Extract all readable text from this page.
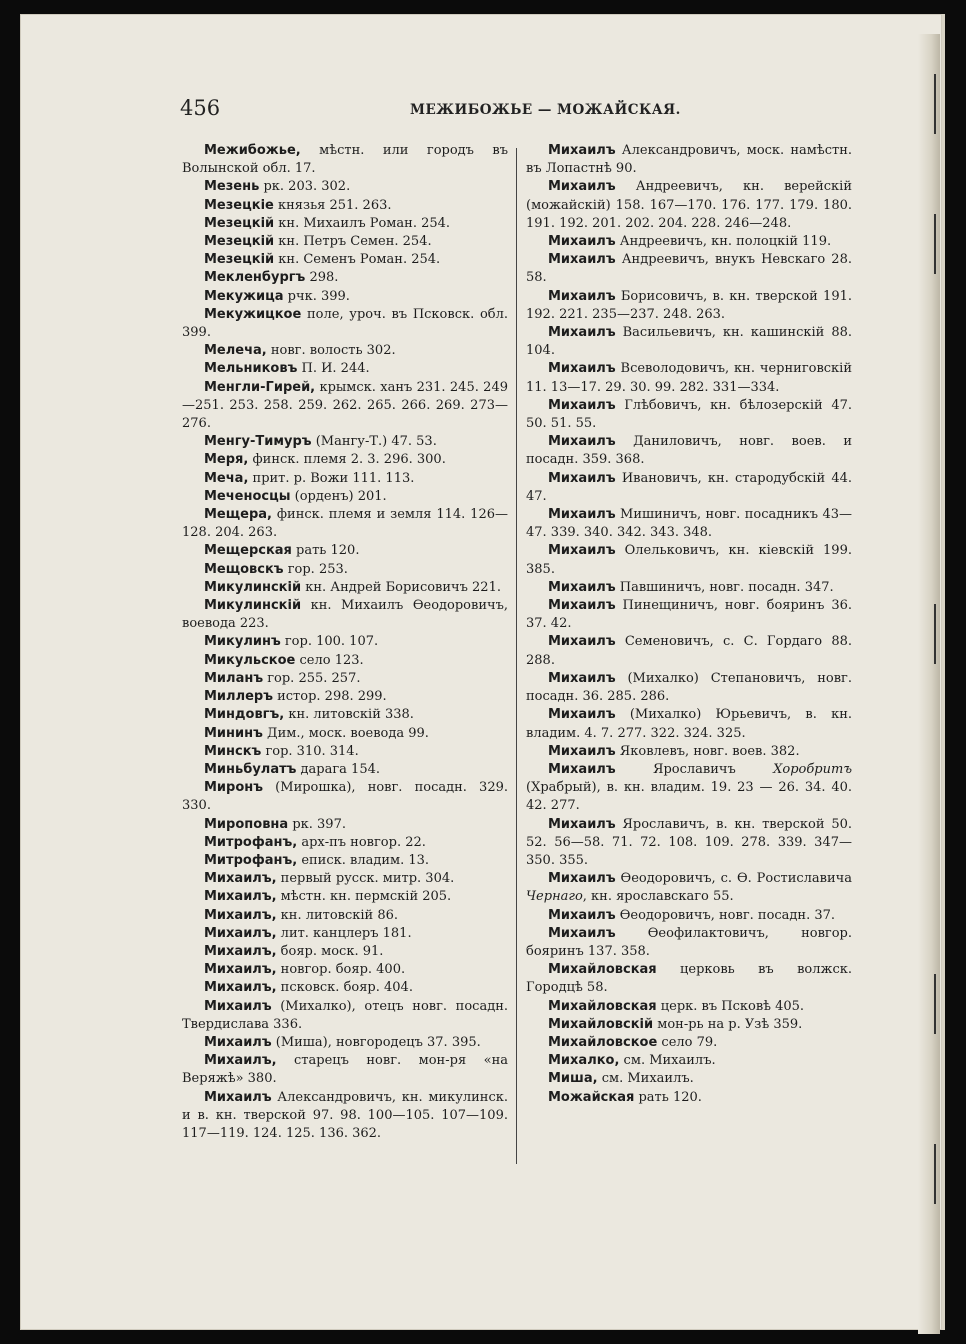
456	МЕЖИБОЖЬЕ — МОЖАЙСКАЯ.

Межибожье, мѣстн. или городъ въ Волынской обл. 17.

Мезень рк. 203. 302.

Мезецкіе князья 251. 263.

Мезецкій кн. Михаилъ Роман. 254.

Мезецкій кн. Петръ Семен. 254.

Мезецкій кн. Семенъ Роман. 254.

Мекленбургъ 298.

Мекужица рчк. 399.

Мекужицкое поле, уроч. въ Псковск. обл. 399.

Мелеча, новг. волость 302.

Мельниковъ П. И. 244.

Менгли-Гирей, крымск. ханъ 231. 245. 249—251. 253. 258. 259. 262. 265. 266. 269. 273—276.

Менгу-Тимуръ (Мангу-Т.) 47. 53.

Меря, финск. племя 2. 3. 296. 300.

Меча, прит. р. Вожи 111. 113.

Меченосцы (орденъ) 201.

Мещера, финск. племя и земля 114. 126—128. 204. 263.

Мещерская рать 120.

Мещовскъ гор. 253.

Микулинскій кн. Андрей Борисовичъ 221.

Микулинскій кн. Михаилъ Ѳеодоровичъ, воевода 223.

Микулинъ гор. 100. 107.

Микульское село 123.

Миланъ гор. 255. 257.

Миллеръ истор. 298. 299.

Миндовгъ, кн. литовскій 338.

Мининъ Дим., моск. воевода 99.

Минскъ гор. 310. 314.

Миньбулатъ дарага 154.

Миронъ (Мирошка), новг. посадн. 329. 330.

Мироповна рк. 397.

Митрофанъ, арх-пъ новгор. 22.

Митрофанъ, еписк. владим. 13.

Михаилъ, первый русск. митр. 304.

Михаилъ, мѣстн. кн. пермскій 205.

Михаилъ, кн. литовскій 86.

Михаилъ, лит. канцлеръ 181.

Михаилъ, бояр. моск. 91.

Михаилъ, новгор. бояр. 400.

Михаилъ, псковск. бояр. 404.

Михаилъ (Михалко), отецъ новг. посадн. Твердислава 336.

Михаилъ (Миша), новгородецъ 37. 395.

Михаилъ, старецъ новг. мон-ря «на Веряжѣ» 380.

Михаилъ Александровичъ, кн. микулинск. и в. кн. тверской 97. 98. 100—105. 107—109. 117—119. 124. 125. 136. 362.

Михаилъ Александровичъ, моск. намѣстн. въ Лопастнѣ 90.

Михаилъ Андреевичъ, кн. верейскій (можайскій) 158. 167—170. 176. 177. 179. 180. 191. 192. 201. 202. 204. 228. 246—248.

Михаилъ Андреевичъ, кн. полоцкій 119.

Михаилъ Андреевичъ, внукъ Невскаго 28. 58.

Михаилъ Борисовичъ, в. кн. тверской 191. 192. 221. 235—237. 248. 263.

Михаилъ Васильевичъ, кн. кашинскій 88. 104.

Михаилъ Всеволодовичъ, кн. черниговскій 11. 13—17. 29. 30. 99. 282. 331—334.

Михаилъ Глѣбовичъ, кн. бѣлозерскій 47. 50. 51. 55.

Михаилъ Даниловичъ, новг. воев. и посадн. 359. 368.

Михаилъ Ивановичъ, кн. стародубскій 44. 47.

Михаилъ Мишиничъ, новг. посадникъ 43—47. 339. 340. 342. 343. 348.

Михаилъ Олельковичъ, кн. кіевскій 199. 385.

Михаилъ Павшиничъ, новг. посадн. 347.

Михаилъ Пинещиничъ, новг. бояринъ 36. 37. 42.

Михаилъ Семеновичъ, с. С. Гордаго 88. 288.

Михаилъ (Михалко) Степановичъ, новг. посадн. 36. 285. 286.

Михаилъ (Михалко) Юрьевичъ, в. кн. владим. 4. 7. 277. 322. 324. 325.

Михаилъ Яковлевъ, новг. воев. 382.

Михаилъ Ярославичъ Хоробритъ (Храбрый), в. кн. владим. 19. 23 — 26. 34. 40. 42. 277.

Михаилъ Ярославичъ, в. кн. тверской 50. 52. 56—58. 71. 72. 108. 109. 278. 339. 347—350. 355.

Михаилъ Ѳеодоровичъ, с. Ѳ. Ростиславича Чернаго, кн. ярославскаго 55.

Михаилъ Ѳеодоровичъ, новг. посадн. 37.

Михаилъ Ѳеофилактовичъ, новгор. бояринъ 137. 358.

Михайловская церковь въ волжск. Городцѣ 58.

Михайловская церк. въ Псковѣ 405.

Михайловскій мон-рь на р. Узѣ 359.

Михайловское село 79.

Михалко, см. Михаилъ.

Миша, см. Михаилъ.

Можайская рать 120.
